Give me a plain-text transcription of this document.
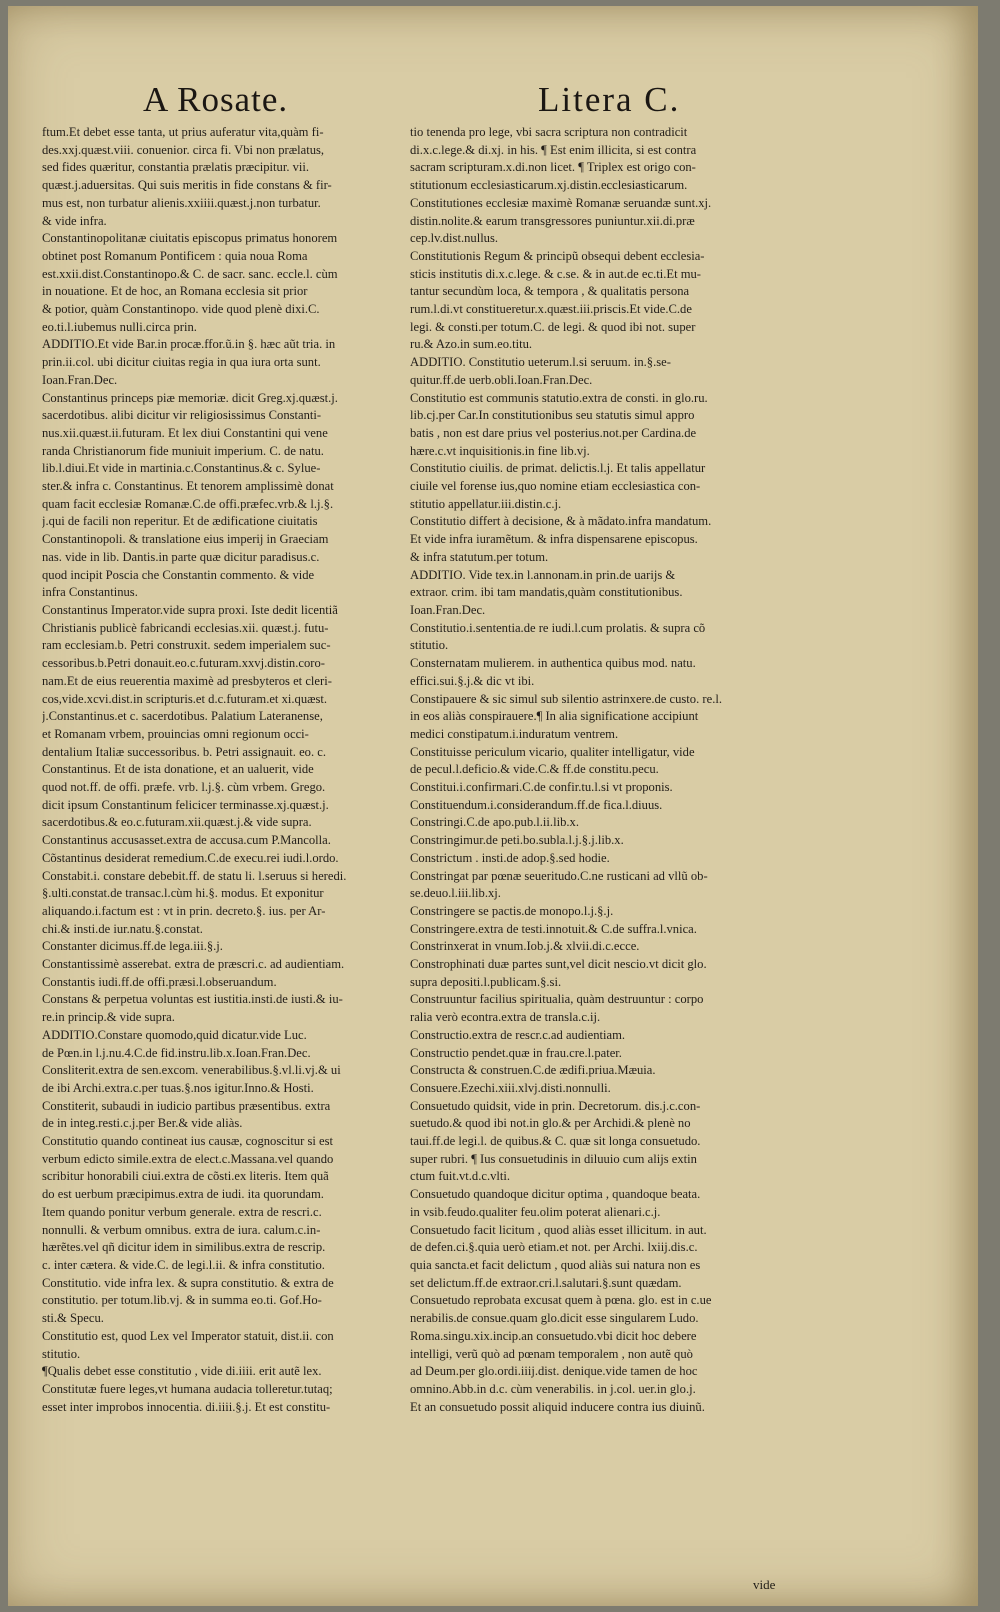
A Rosate.	Litera C.
ftum.Et debet esse tanta, ut prius auferatur vita,quàm fi-
des.xxj.quæst.viii. conuenior. circa fi. Vbi non prælatus,
sed fides quæritur, constantia prælatis præcipitur. vii.
quæst.j.aduersitas. Qui suis meritis in fide constans & fir-
mus est, non turbatur alienis.xxiiii.quæst.j.non turbatur.
& vide infra.
Constantinopolitanæ ciuitatis episcopus primatus honorem
obtinet post Romanum Pontificem : quia noua Roma
est.xxii.dist.Constantinopo.& C. de sacr. sanc. eccle.l. cùm
in nouatione. Et de hoc, an Romana ecclesia sit prior
& potior, quàm Constantinopo. vide quod plenè dixi.C.
eo.ti.l.iubemus nulli.circa prin.
ADDITIO.Et vide Bar.in procæ.ffor.ũ.in §. hæc aũt tria. in
prin.ii.col. ubi dicitur ciuitas regia in qua iura orta sunt.
Ioan.Fran.Dec.
Constantinus princeps piæ memoriæ. dicit Greg.xj.quæst.j.
sacerdotibus. alibi dicitur vir religiosissimus Constanti-
nus.xii.quæst.ii.futuram. Et lex diui Constantini qui vene
randa Christianorum fide muniuit imperium. C. de natu.
lib.l.diui.Et vide in martinia.c.Constantinus.& c. Sylue-
ster.& infra c. Constantinus. Et tenorem amplissimè donat
quam facit ecclesiæ Romanæ.C.de offi.præfec.vrb.& l.j.§.
j.qui de facili non reperitur. Et de ædificatione ciuitatis
Constantinopoli. & translatione eius imperij in Graeciam
nas. vide in lib. Dantis.in parte quæ dicitur paradisus.c.
quod incipit Poscia che Constantin commento. & vide
infra Constantinus.
Constantinus Imperator.vide supra proxi. Iste dedit licentiã
Christianis publicè fabricandi ecclesias.xii. quæst.j. futu-
ram ecclesiam.b. Petri construxit. sedem imperialem suc-
cessoribus.b.Petri donauit.eo.c.futuram.xxvj.distin.coro-
nam.Et de eius reuerentia maximè ad presbyteros et cleri-
cos,vide.xcvi.dist.in scripturis.et d.c.futuram.et xi.quæst.
j.Constantinus.et c. sacerdotibus. Palatium Lateranense,
et Romanam vrbem, prouincias omni regionum occi-
dentalium Italiæ successoribus. b. Petri assignauit. eo. c.
Constantinus. Et de ista donatione, et an ualuerit, vide
quod not.ff. de offi. præfe. vrb. l.j.§. cùm vrbem. Grego.
dicit ipsum Constantinum felicicer terminasse.xj.quæst.j.
sacerdotibus.& eo.c.futuram.xii.quæst.j.& vide supra.
Constantinus accusasset.extra de accusa.cum P.Mancolla.
Cõstantinus desiderat remedium.C.de execu.rei iudi.l.ordo.
Constabit.i. constare debebit.ff. de statu li. l.seruus si heredi.
§.ulti.constat.de transac.l.cùm hi.§. modus. Et exponitur
aliquando.i.factum est : vt in prin. decreto.§. ius. per Ar-
chi.& insti.de iur.natu.§.constat.
Constanter dicimus.ff.de lega.iii.§.j.
Constantissimè asserebat. extra de præscri.c. ad audientiam.
Constantis iudi.ff.de offi.præsi.l.obseruandum.
Constans & perpetua voluntas est iustitia.insti.de iusti.& iu-
re.in princip.& vide supra.
ADDITIO.Constare quomodo,quid dicatur.vide Luc.
de Pœn.in l.j.nu.4.C.de fid.instru.lib.x.Ioan.Fran.Dec.
Consliterit.extra de sen.excom. venerabilibus.§.vl.li.vj.& ui
de ibi Archi.extra.c.per tuas.§.nos igitur.Inno.& Hosti.
Constiterit, subaudi in iudicio partibus præsentibus. extra
de in integ.resti.c.j.per Ber.& vide aliàs.
Constitutio quando contineat ius causæ, cognoscitur si est
verbum edicto simile.extra de elect.c.Massana.vel quando
scribitur honorabili ciui.extra de cõsti.ex literis. Item quã
do est uerbum præcipimus.extra de iudi. ita quorundam.
Item quando ponitur verbum generale. extra de rescri.c.
nonnulli. & verbum omnibus. extra de iura. calum.c.in-
hærẽtes.vel qñ dicitur idem in similibus.extra de rescrip.
c. inter cætera. & vide.C. de legi.l.ii. & infra constitutio.
Constitutio. vide infra lex. & supra constitutio. & extra de
constitutio. per totum.lib.vj. & in summa eo.ti. Gof.Ho-
sti.& Specu.
Constitutio est, quod Lex vel Imperator statuit, dist.ii. con
stitutio.
¶Qualis debet esse constitutio , vide di.iiii. erit autẽ lex.
Constitutæ fuere leges,vt humana audacia tolleretur.tutaq;
esset inter improbos innocentia. di.iiii.§.j. Et est constitu-
tio tenenda pro lege, vbi sacra scriptura non contradicit
di.x.c.lege.& di.xj. in his. ¶ Est enim illicita, si est contra
sacram scripturam.x.di.non licet. ¶ Triplex est origo con-
stitutionum ecclesiasticarum.xj.distin.ecclesiasticarum.
Constitutiones ecclesiæ maximè Romanæ seruandæ sunt.xj.
distin.nolite.& earum transgressores puniuntur.xii.di.præ
cep.lv.dist.nullus.
Constitutionis Regum & principũ obsequi debent ecclesia-
sticis institutis di.x.c.lege. & c.se. & in aut.de ec.ti.Et mu-
tantur secundùm loca, & tempora , & qualitatis persona
rum.l.di.vt constitueretur.x.quæst.iii.priscis.Et vide.C.de
legi. & consti.per totum.C. de legi. & quod ibi not. super
ru.& Azo.in sum.eo.titu.
ADDITIO. Constitutio ueterum.l.si seruum. in.§.se-
quitur.ff.de uerb.obli.Ioan.Fran.Dec.
Constitutio est communis statutio.extra de consti. in glo.ru.
lib.cj.per Car.In constitutionibus seu statutis simul appro
batis , non est dare prius vel posterius.not.per Cardina.de
hære.c.vt inquisitionis.in fine lib.vj.
Constitutio ciuilis. de primat. delictis.l.j. Et talis appellatur
ciuile vel forense ius,quo nomine etiam ecclesiastica con-
stitutio appellatur.iii.distin.c.j.
Constitutio differt à decisione, & à mãdato.infra mandatum.
Et vide infra iuramẽtum. & infra dispensarene episcopus.
& infra statutum.per totum.
ADDITIO. Vide tex.in l.annonam.in prin.de uarijs &
extraor. crim. ibi tam mandatis,quàm constitutionibus.
Ioan.Fran.Dec.
Constitutio.i.sententia.de re iudi.l.cum prolatis. & supra cõ
stitutio.
Consternatam mulierem. in authentica quibus mod. natu.
effici.sui.§.j.& dic vt ibi.
Constipauere & sic simul sub silentio astrinxere.de custo. re.l.
in eos aliàs conspirauere.¶ In alia significatione accipiunt
medici constipatum.i.induratum ventrem.
Constituisse periculum vicario, qualiter intelligatur, vide
de pecul.l.deficio.& vide.C.& ff.de constitu.pecu.
Constitui.i.confirmari.C.de confir.tu.l.si vt proponis.
Constituendum.i.considerandum.ff.de fica.l.diuus.
Constringi.C.de apo.pub.l.ii.lib.x.
Constringimur.de peti.bo.subla.l.j.§.j.lib.x.
Constrictum . insti.de adop.§.sed hodie.
Constringat par pœnæ seueritudo.C.ne rusticani ad vllũ ob-
se.deuo.l.iii.lib.xj.
Constringere se pactis.de monopo.l.j.§.j.
Constringere.extra de testi.innotuit.& C.de suffra.l.vnica.
Constrinxerat in vnum.Iob.j.& xlvii.di.c.ecce.
Constrophinati duæ partes sunt,vel dicit nescio.vt dicit glo.
supra depositi.l.publicam.§.si.
Construuntur facilius spiritualia, quàm destruuntur : corpo
ralia verò econtra.extra de transla.c.ij.
Constructio.extra de rescr.c.ad audientiam.
Constructio pendet.quæ in frau.cre.l.pater.
Constructa & construen.C.de ædifi.priua.Mæuia.
Consuere.Ezechi.xiii.xlvj.disti.nonnulli.
Consuetudo quidsit, vide in prin. Decretorum. dis.j.c.con-
suetudo.& quod ibi not.in glo.& per Archidi.& plenè no
taui.ff.de legi.l. de quibus.& C. quæ sit longa consuetudo.
super rubri. ¶ Ius consuetudinis in diluuio cum alijs extin
ctum fuit.vt.d.c.vlti.
Consuetudo quandoque dicitur optima , quandoque beata.
in vsib.feudo.qualiter feu.olim poterat alienari.c.j.
Consuetudo facit licitum , quod aliàs esset illicitum. in aut.
de defen.ci.§.quia uerò etiam.et not. per Archi. lxiij.dis.c.
quia sancta.et facit delictum , quod aliàs sui natura non es
set delictum.ff.de extraor.cri.l.salutari.§.sunt quædam.
Consuetudo reprobata excusat quem à pœna. glo. est in c.ue
nerabilis.de consue.quam glo.dicit esse singularem Ludo.
Roma.singu.xix.incip.an consuetudo.vbi dicit hoc debere
intelligi, verũ quò ad pœnam temporalem , non autẽ quò
ad Deum.per glo.ordi.iiij.dist. denique.vide tamen de hoc
omnino.Abb.in d.c. cùm venerabilis. in j.col. uer.in glo.j.
Et an consuetudo possit aliquid inducere contra ius diuinũ.
vide
